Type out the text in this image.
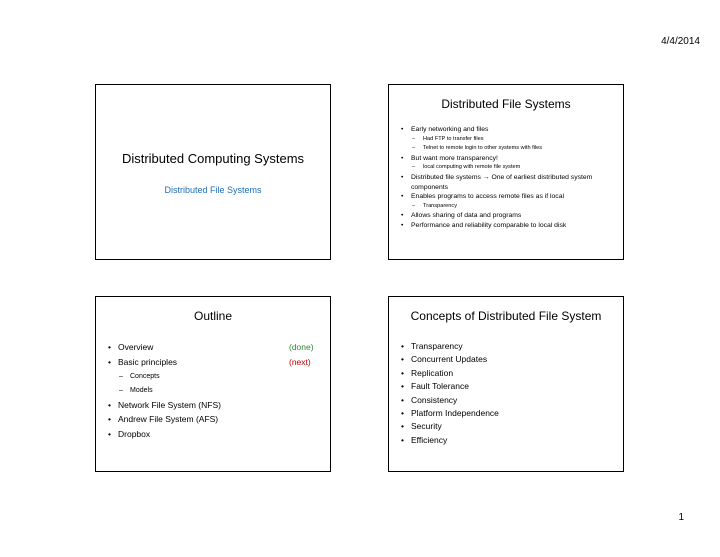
4/4/2014
Distributed Computing Systems
Distributed File Systems
Distributed File Systems
• Early networking and files
– Had FTP to transfer files
– Telnet to remote login to other systems with files
• But want more transparency!
– local computing with remote file system
• Distributed file systems → One of earliest distributed system components
• Enables programs to access remote files as if local
– Transparency
• Allows sharing of data and programs
• Performance and reliability comparable to local disk
Outline
• Overview	(done)
• Basic principles	(next)
– Concepts
– Models
• Network File System (NFS)
• Andrew File System (AFS)
• Dropbox
Concepts of Distributed File System
• Transparency
• Concurrent Updates
• Replication
• Fault Tolerance
• Consistency
• Platform Independence
• Security
• Efficiency
1
